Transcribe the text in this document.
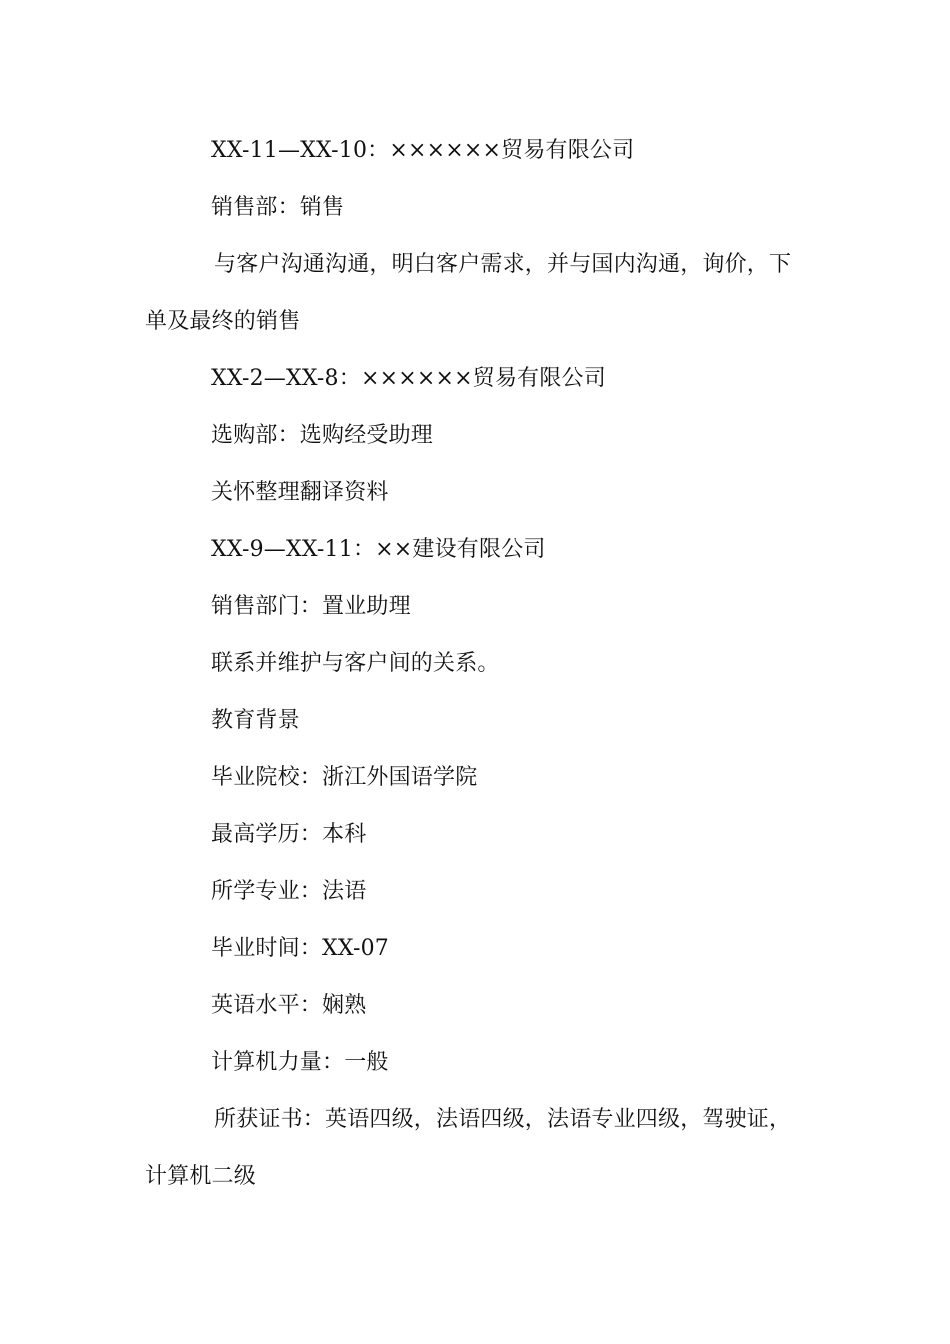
XX-11—XX-10：××××××贸易有限公司
销售部：销售
与客户沟通沟通，明白客户需求，并与国内沟通，询价，下
单及最终的销售
XX-2—XX-8：××××××贸易有限公司
选购部：选购经受助理
关怀整理翻译资料
XX-9—XX-11：××建设有限公司
销售部门：置业助理
联系并维护与客户间的关系。
教育背景
毕业院校：浙江外国语学院
最高学历：本科
所学专业：法语
毕业时间：XX-07
英语水平：娴熟
计算机力量：一般
所获证书：英语四级，法语四级，法语专业四级，驾驶证，
计算机二级
